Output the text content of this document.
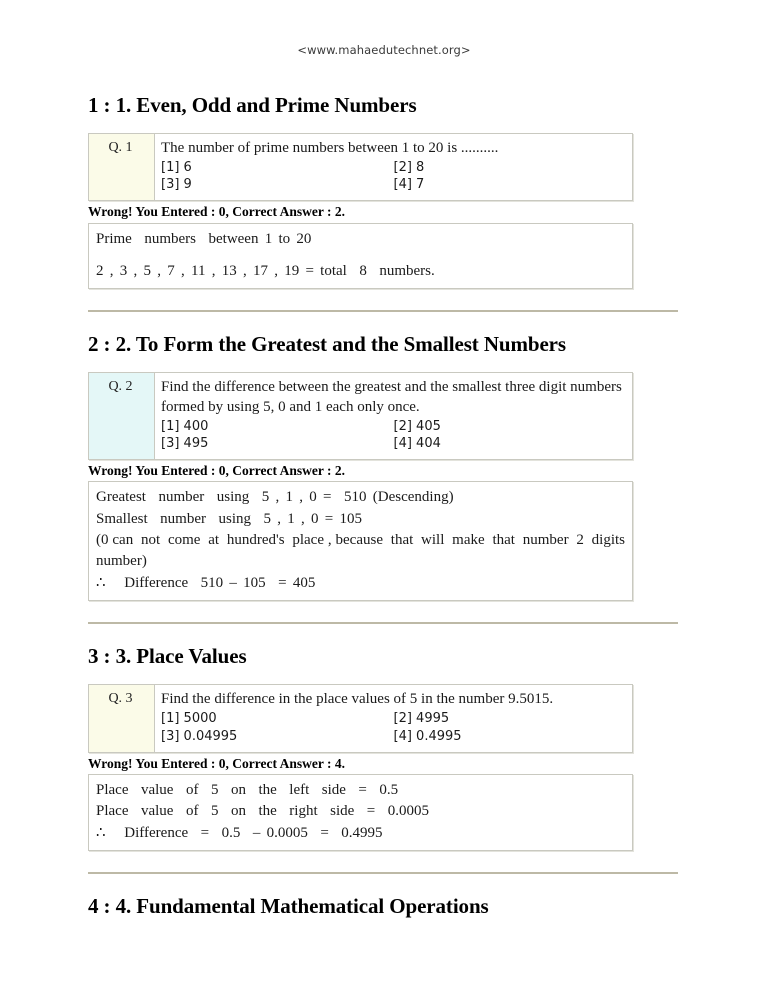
<www.mahaedutechnet.org>
1 : 1. Even, Odd and Prime Numbers
Q. 1	The number of prime numbers between 1 to 20 is ..........
[1] 6	[2] 8
[3] 9	[4] 7
Wrong! You Entered : 0, Correct Answer : 2.
Prime  numbers  between 1 to 20
2 , 3 , 5 , 7 , 11 , 13 , 17 , 19 = total  8  numbers.
2 : 2. To Form the Greatest and the Smallest Numbers
Q. 2	Find the difference between the greatest and the smallest three digit numbers formed by using 5, 0 and 1 each only once.
[1] 400	[2] 405
[3] 495	[4] 404
Wrong! You Entered : 0, Correct Answer : 2.
Greatest  number  using  5 , 1 , 0 =  510 (Descending)
Smallest  number  using  5 , 1 , 0 = 105
(0 can  not  come  at  hundred's  place , because  that  will  make  that  number  2  digits  number)
∴   Difference  510 – 105  = 405
3 : 3. Place Values
Q. 3	Find the difference in the place values of 5 in the number 9.5015.
[1] 5000	[2] 4995
[3] 0.04995	[4] 0.4995
Wrong! You Entered : 0, Correct Answer : 4.
Place  value  of  5  on  the  left  side  =  0.5
Place  value  of  5  on  the  right  side  =  0.0005
∴   Difference  =  0.5  – 0.0005  =  0.4995
4 : 4. Fundamental Mathematical Operations
